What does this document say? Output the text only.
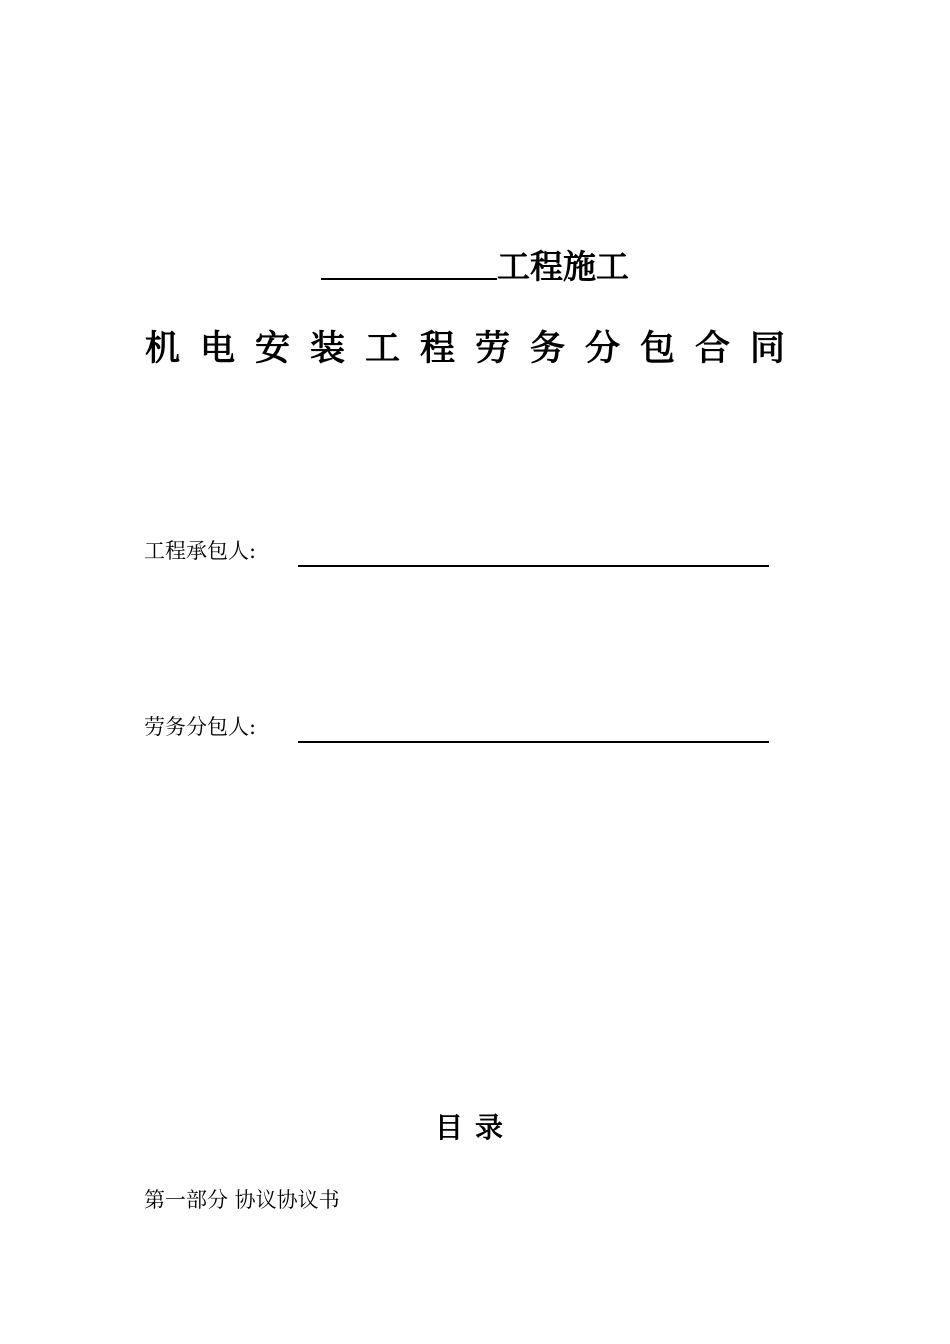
工程施工
机电安装工程劳务分包合同
工程承包人:
劳务分包人:
目录
第一部分 协议协议书
